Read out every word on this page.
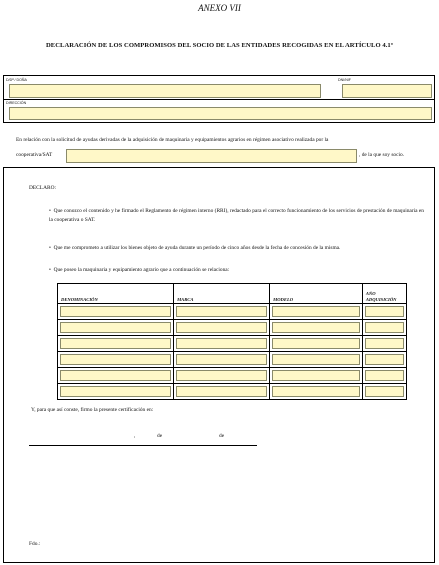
ANEXO VII
DECLARACIÓN DE LOS COMPROMISOS DEL SOCIO DE LAS ENTIDADES RECOGIDAS EN EL ARTÍCULO 4.1º
D/Dª / DOÑA	DNI/NIF
DIRECCIÓN
En relación con la solicitud de ayudas derivadas de la adquisición de maquinaria y equipamientos agrarios en régimen asociativo realizada por la
cooperativa/SAT	, de la que soy socio.
DECLARO:
•  Que conozco el contenido y he firmado el Reglamento de régimen interno (RRI), redactado para el correcto funcionamiento de los servicios de prestación de maquinaria en la cooperativa o SAT.
•  Que me comprometo a utilizar los bienes objeto de ayuda durante un período de cinco años desde la fecha de concesión de la misma.
•  Que poseo la maquinaria y equipamiento agrario que a continuación se relaciona:
DENOMINACIÓN	MARCA	MODELO	AÑO ADQUISICIÓN

Y, para que así conste, firmo la presente certificación en:
,	de	de
Fdo.:
